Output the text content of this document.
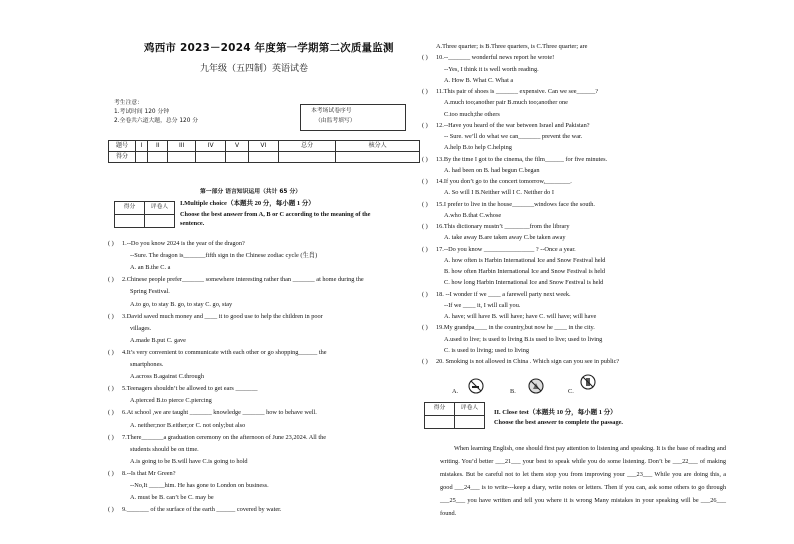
鸡西市 2023－2024 年度第一学期第二次质量监测
九年级（五四制）英语试卷
考生注意：
1.考试时间 120 分钟
2.全卷共六道大题，总分 120 分
本考场试卷序号
（由监考填写）
题号	I	II	III	IV	V	VI	总分	核分人
得分								
第一部分 语言知识运用（共计 65 分）
得分	评卷人

I.Multiple choice（本题共 20 分，每小题 1 分）
Choose the best answer from A, B or C according to the meaning of the
sentence.
( ) 1.--Do you know 2024 is the year of the dragon?
--Sure. The dragon is_______fifth sign in the Chinese zodiac cycle (生肖)
A. an B.the C. a
( ) 2.Chinese people prefer_______ somewhere interesting rather than _______ at home during the
Spring Festival.
A.to go, to stay B. go, to stay C. go, stay
( ) 3.David saved much money and ____ it to good use to help the children in poor
villages.
A.made B.put C. gave
( ) 4.It’s very convenient to communicate with each other or go shopping______ the
smartphones.
A.across B.against C.through
( ) 5.Teenagers shouldn’t be allowed to get ears _______
A.pierced B.to pierce C.piercing
( ) 6.At school ,we are taught _______ knowledge _______ how to behave well.
A. neither;nor B.either;or C. not only;but also
( ) 7.There_______a graduation ceremony on the afternoon of June 23,2024. All the
students should be on time.
A.is going to be B.will have C.is going to hold
( ) 8.--Is that Mr Green?
--No,It _____him. He has gone to London on business.
A. must be B. can’t be C. may be
( ) 9._______ of the surface of the earth ______ covered by water.
A.Three quarter; is B.Three quarters, is C.Three quarter; are
( ) 10.--_______ wonderful news report he wrote!
--Yes, I think it is well worth reading.
A. How B. What C. What a
( ) 11.This pair of shoes is _______ expensive. Can we see______?
A.much too;another pair B.much too;another one
C.too much;the others
( ) 12.--Have you heard of the war between Israel and Pakistan?
-- Sure. we’ll do what we can_______ prevent the war.
A.help B.to help C.helping
( ) 13.By the time I got to the cinema, the film______ for five minutes.
A. had been on B. had begun C.began
( ) 14.If you don’t go to the concert tomorrow,________.
A. So will I B.Neither will I C. Neither do I
( ) 15.I prefer to live in the house_______windows face the south.
A.who B.that C.whose
( ) 16.This dictionary mustn’t ________from the library
A. take away B.are taken away C.be taken away
( ) 17.--Do you know ________________ ? --Once a year.
A. how often is Harbin International Ice and Snow Festival held
B. how often Harbin International Ice and Snow Festival is held
C. how long Harbin International Ice and Snow Festival is held
( ) 18. --I wonder if we ____ a farewell party next week.
--If we ____ it, I will call you.
A. have; will have B. will have; have C. will have; will have
( ) 19.My grandpa____ in the country,but now he ____ in the city.
A.used to live; is used to living B.is used to live; used to living
C. is used to living; used to living
( ) 20. Smoking is not allowed in China . Which sign can you see in public?
A.	B.	C.
得分	评卷人

II. Close test（本题共 10 分，每小题 1 分）
Choose the best answer to complete the passage.
When learning English, one should first pay attention to listening and speaking. It is the base of reading and writing. You’d better ___21___ your best to speak while you do some listening. Don’t be ___22___ of making mistakes. But be careful not to let them stop you from improving your ___23___ While you are doing this, a good ___24___ is to write---keep a diary, write notes or letters. Then if you can, ask some others to go through ___25___ you have written and tell you where it is wrong Many mistakes in your speaking will be ___26___ found.
